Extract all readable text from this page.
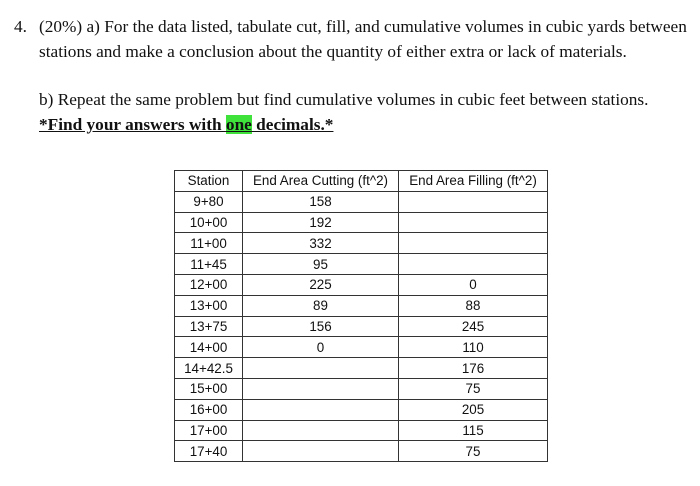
4. (20%) a) For the data listed, tabulate cut, fill, and cumulative volumes in cubic yards between stations and make a conclusion about the quantity of either extra or lack of materials.
b) Repeat the same problem but find cumulative volumes in cubic feet between stations.
*Find your answers with one decimals.*
Station	End Area Cutting (ft^2)	End Area Filling (ft^2)
9+80	158	
10+00	192	
11+00	332	
11+45	95	
12+00	225	0
13+00	89	88
13+75	156	245
14+00	0	110
14+42.5		176
15+00		75
16+00		205
17+00		115
17+40		75
